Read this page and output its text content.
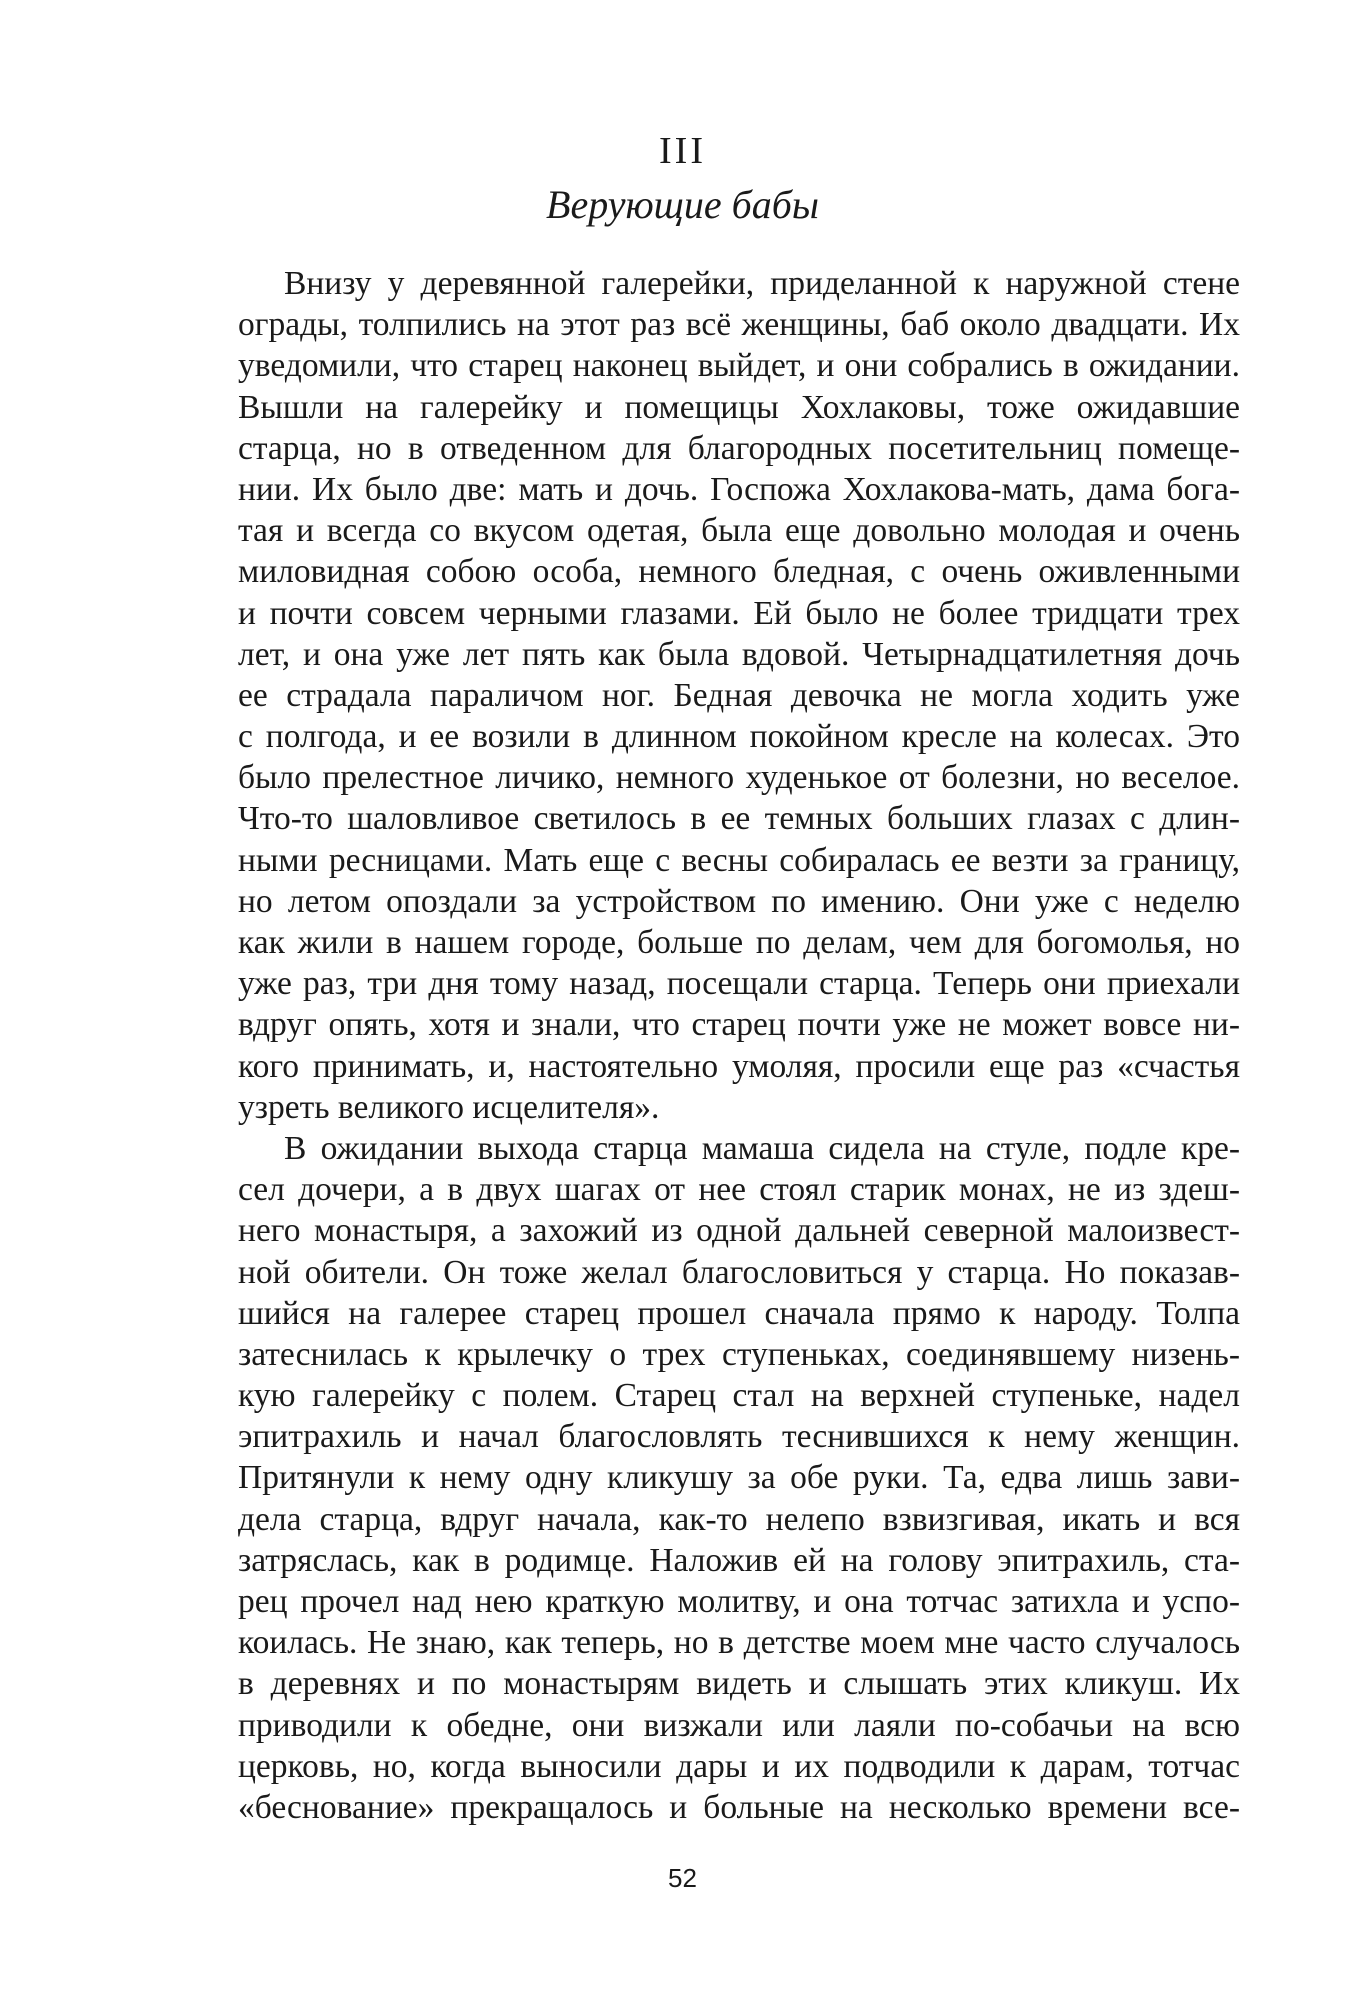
III
Верующие бабы
Внизу у деревянной галерейки, приделанной к наружной стене
ограды, толпились на этот раз всё женщины, баб около двадцати. Их
уведомили, что старец наконец выйдет, и они собрались в ожидании.
Вышли на галерейку и помещицы Хохлаковы, тоже ожидавшие
старца, но в отведенном для благородных посетительниц помеще-
нии. Их было две: мать и дочь. Госпожа Хохлакова-мать, дама бога-
тая и всегда со вкусом одетая, была еще довольно молодая и очень
миловидная собою особа, немного бледная, с очень оживленными
и почти совсем черными глазами. Ей было не более тридцати трех
лет, и она уже лет пять как была вдовой. Четырнадцатилетняя дочь
ее страдала параличом ног. Бедная девочка не могла ходить уже
с полгода, и ее возили в длинном покойном кресле на колесах. Это
было прелестное личико, немного худенькое от болезни, но веселое.
Что-то шаловливое светилось в ее темных больших глазах с длин-
ными ресницами. Мать еще с весны собиралась ее везти за границу,
но летом опоздали за устройством по имению. Они уже с неделю
как жили в нашем городе, больше по делам, чем для богомолья, но
уже раз, три дня тому назад, посещали старца. Теперь они приехали
вдруг опять, хотя и знали, что старец почти уже не может вовсе ни-
кого принимать, и, настоятельно умоляя, просили еще раз «счастья
узреть великого исцелителя».
В ожидании выхода старца мамаша сидела на стуле, подле кре-
сел дочери, а в двух шагах от нее стоял старик монах, не из здеш-
него монастыря, а захожий из одной дальней северной малоизвест-
ной обители. Он тоже желал благословиться у старца. Но показав-
шийся на галерее старец прошел сначала прямо к народу. Толпа
затеснилась к крылечку о трех ступеньках, соединявшему низень-
кую галерейку с полем. Старец стал на верхней ступеньке, надел
эпитрахиль и начал благословлять теснившихся к нему женщин.
Притянули к нему одну кликушу за обе руки. Та, едва лишь зави-
дела старца, вдруг начала, как-то нелепо взвизгивая, икать и вся
затряслась, как в родимце. Наложив ей на голову эпитрахиль, ста-
рец прочел над нею краткую молитву, и она тотчас затихла и успо-
коилась. Не знаю, как теперь, но в детстве моем мне часто случалось
в деревнях и по монастырям видеть и слышать этих кликуш. Их
приводили к обедне, они визжали или лаяли по-собачьи на всю
церковь, но, когда выносили дары и их подводили к дарам, тотчас
«беснование» прекращалось и больные на несколько времени все-
52
